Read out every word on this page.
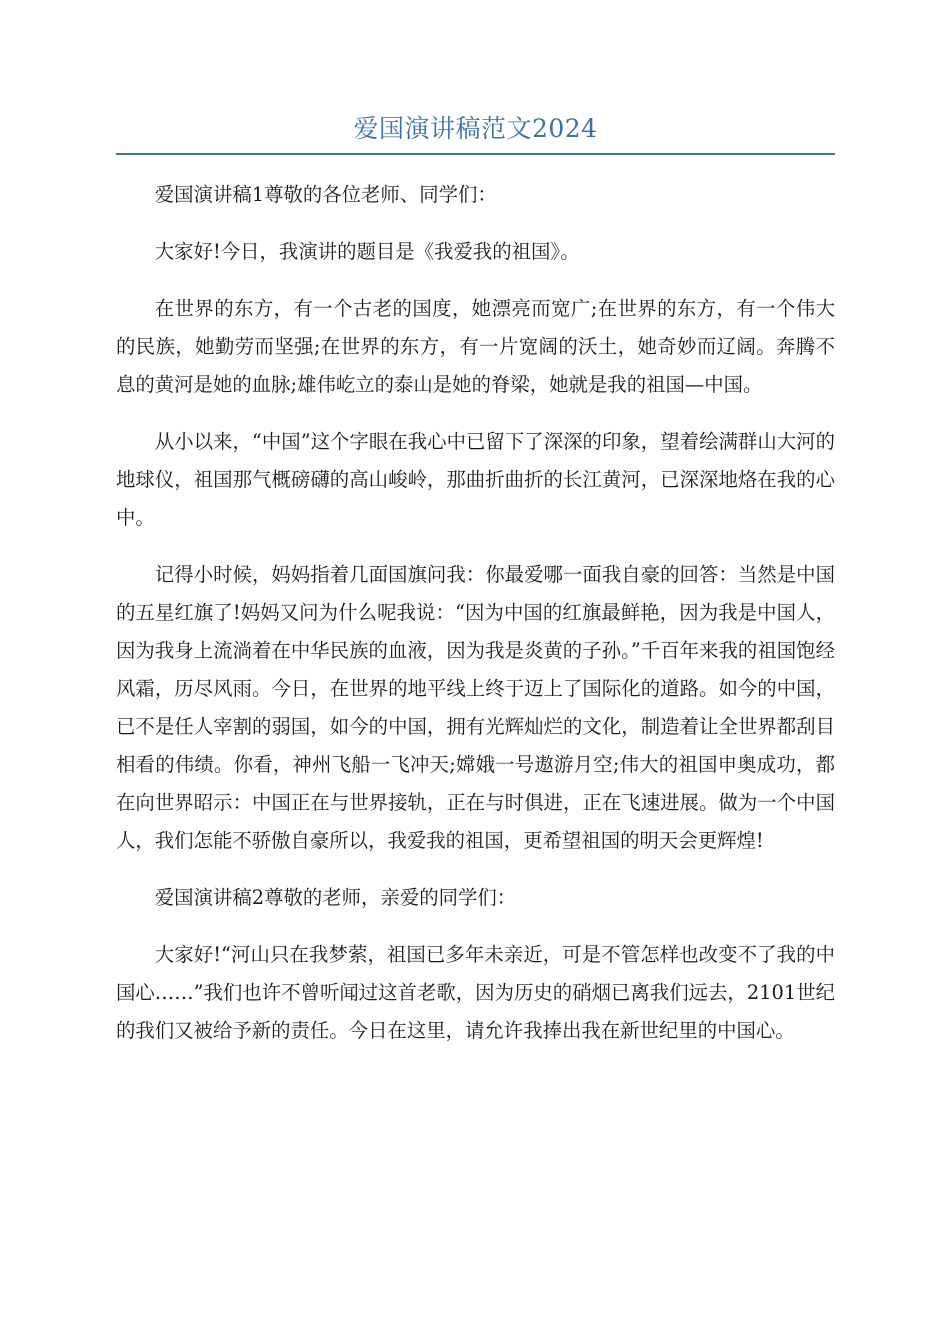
爱国演讲稿范文2024

爱国演讲稿1尊敬的各位老师、同学们：

大家好!今日，我演讲的题目是《我爱我的祖国》。

在世界的东方，有一个古老的国度，她漂亮而宽广;在世界的东方，有一个伟大的民族，她勤劳而坚强;在世界的东方，有一片宽阔的沃土，她奇妙而辽阔。奔腾不息的黄河是她的血脉;雄伟屹立的泰山是她的脊梁，她就是我的祖国—中国。

从小以来，“中国”这个字眼在我心中已留下了深深的印象，望着绘满群山大河的地球仪，祖国那气概磅礴的高山峻岭，那曲折曲折的长江黄河，已深深地烙在我的心中。

记得小时候，妈妈指着几面国旗问我：你最爱哪一面我自豪的回答：当然是中国的五星红旗了!妈妈又问为什么呢我说：“因为中国的红旗最鲜艳，因为我是中国人，因为我身上流淌着在中华民族的血液，因为我是炎黄的子孙。”千百年来我的祖国饱经风霜，历尽风雨。今日，在世界的地平线上终于迈上了国际化的道路。如今的中国，已不是任人宰割的弱国，如今的中国，拥有光辉灿烂的文化，制造着让全世界都刮目相看的伟绩。你看，神州飞船一飞冲天;嫦娥一号遨游月空;伟大的祖国申奥成功，都在向世界昭示：中国正在与世界接轨，正在与时俱进，正在飞速进展。做为一个中国人，我们怎能不骄傲自豪所以，我爱我的祖国，更希望祖国的明天会更辉煌!

爱国演讲稿2尊敬的老师，亲爱的同学们：

大家好!“河山只在我梦萦，祖国已多年未亲近，可是不管怎样也改变不了我的中国心……”我们也许不曾听闻过这首老歌，因为历史的硝烟已离我们远去，2101世纪的我们又被给予新的责任。今日在这里，请允许我捧出我在新世纪里的中国心。
